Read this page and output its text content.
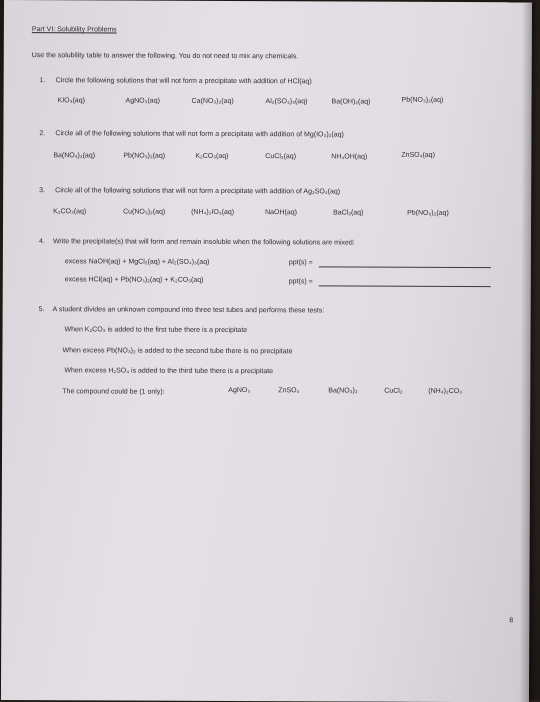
Part VI: Solubility Problems
Use the solubility table to answer the following. You do not need to mix any chemicals.
1. Circle the following solutions that will not form a precipitate with addition of HCl(aq)
KIO₃(aq)	AgNO₃(aq)	Ca(NO₃)₂(aq)	Al₂(SO₄)₃(aq)	Ba(OH)₂(aq)	Pb(NO₃)₂(aq)
2. Circle all of the following solutions that will not form a precipitate with addition of Mg(IO₃)₂(aq)
Ba(NO₃)₂(aq)	Pb(NO₃)₂(aq)	K₂CO₃(aq)	CuCl₂(aq)	NH₄OH(aq)	ZnSO₄(aq)
3. Circle all of the following solutions that will not form a precipitate with addition of Ag₂SO₄(aq)
K₂CO₃(aq)	Cu(NO₃)₂(aq)	(NH₄)₂IO₃(aq)	NaOH(aq)	BaCl₂(aq)	Pb(NO₃)₂(aq)
4. Write the precipitate(s) that will form and remain insoluble when the following solutions are mixed:
excess NaOH(aq) + MgCl₂(aq) + Al₂(SO₄)₃(aq)	ppt(s) =
excess HCl(aq) + Pb(NO₃)₂(aq) + K₂CO₃(aq)	ppt(s) =
5. A student divides an unknown compound into three test tubes and performs these tests:
When K₂CO₃ is added to the first tube there is a precipitate
When excess Pb(NO₃)₂ is added to the second tube there is no precipitate
When excess H₂SO₄ is added to the third tube there is a precipitate
The compound could be (1 only):	AgNO₃	ZnSO₄	Ba(NO₃)₂	CuCl₂	(NH₄)₂CO₃
8
